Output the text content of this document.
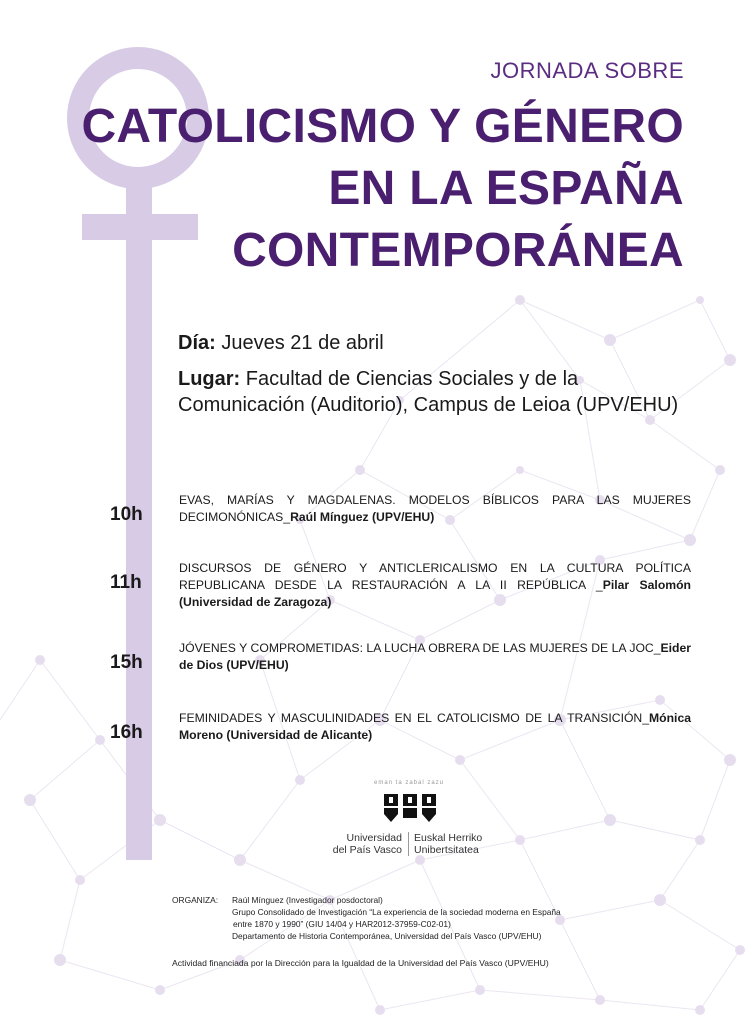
JORNADA SOBRE
CATOLICISMO Y GÉNERO
EN LA ESPAÑA
CONTEMPORÁNEA
Día: Jueves 21 de abril
Lugar: Facultad de Ciencias Sociales y de la Comunicación (Auditorio), Campus de Leioa (UPV/EHU)
10h
EVAS, MARÍAS Y MAGDALENAS. MODELOS BÍBLICOS PARA LAS MUJERES DECIMONÓNICAS_Raúl Mínguez (UPV/EHU)
11h
DISCURSOS DE GÉNERO Y ANTICLERICALISMO EN LA CULTURA POLÍTICA REPUBLICANA DESDE LA RESTAURACIÓN A LA II REPÚBLICA _Pilar Salomón (Universidad de Zaragoza)
15h
JÓVENES Y COMPROMETIDAS: LA LUCHA OBRERA DE LAS MUJERES DE LA JOC_Eider de Dios (UPV/EHU)
16h
FEMINIDADES Y MASCULINIDADES EN EL CATOLICISMO DE LA TRANSICIÓN_Mónica Moreno (Universidad de Alicante)
eman ta zabal zazu
Universidad
del País Vasco
Euskal Herriko
Unibertsitatea
ORGANIZA: Raúl Mínguez (Investigador posdoctoral)
Grupo Consolidado de Investigación “La experiencia de la sociedad moderna en España
entre 1870 y 1990” (GIU 14/04 y HAR2012-37959-C02-01)
Departamento de Historia Contemporánea, Universidad del País Vasco (UPV/EHU)
Actividad financiada por la Dirección para la Igualdad de la Universidad del País Vasco (UPV/EHU)
